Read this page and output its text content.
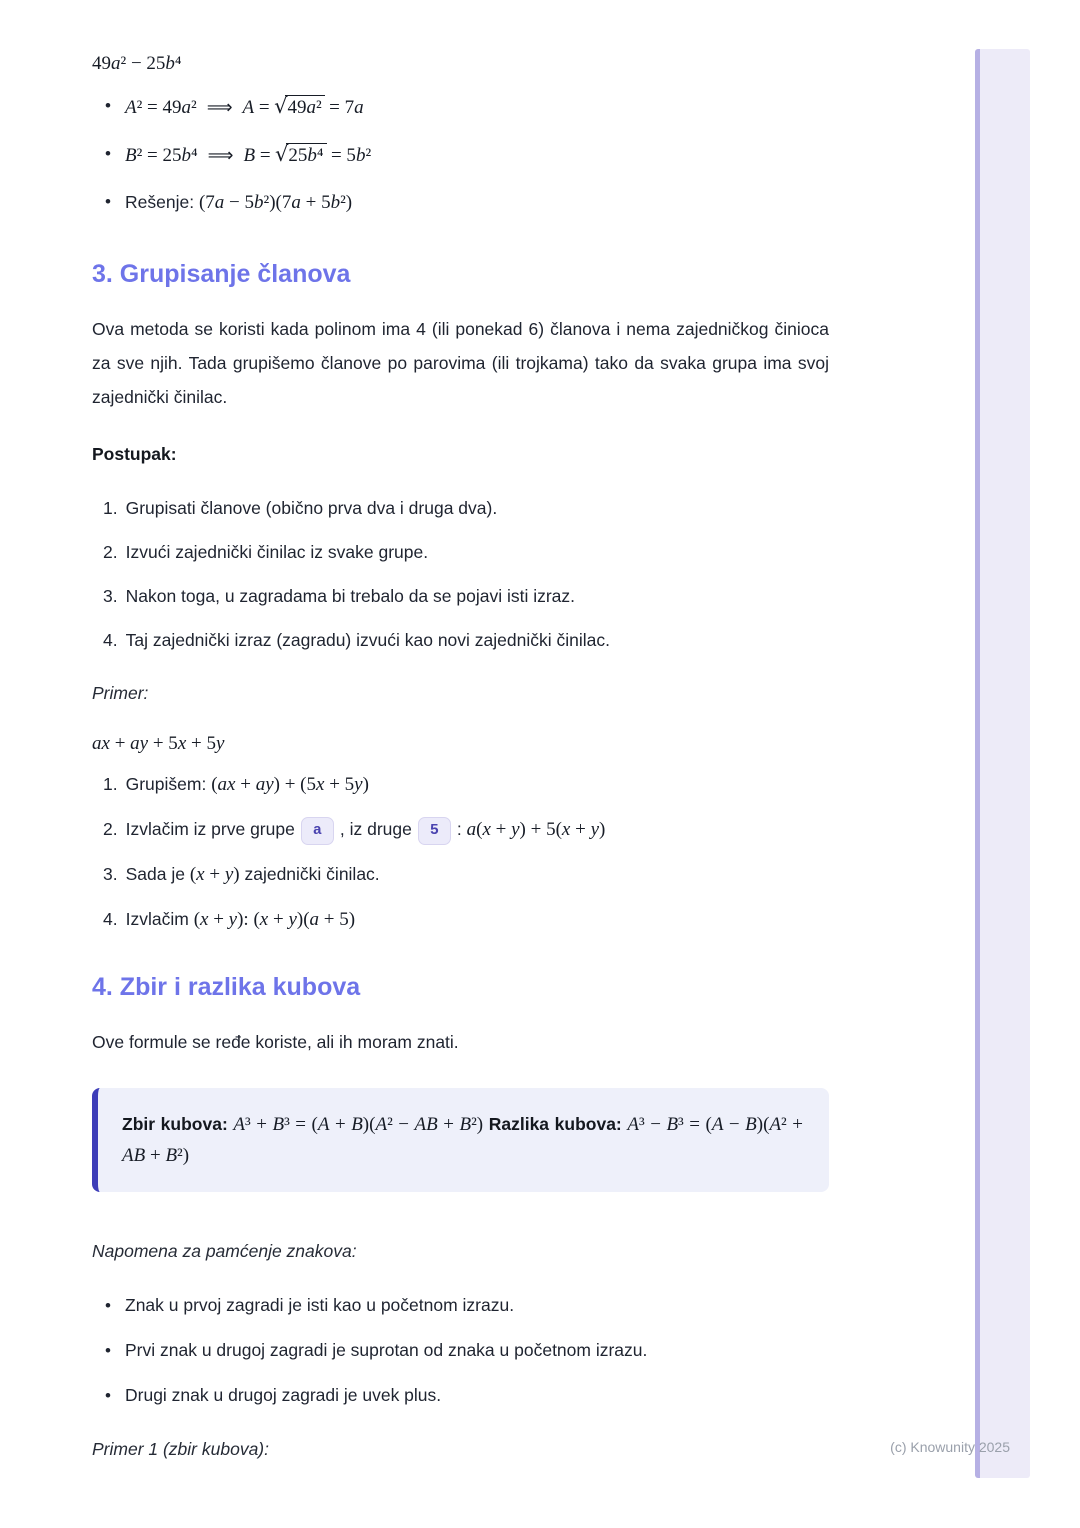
49a² − 25b⁴
• A² = 49a² ⟹ A = √49a² = 7a
• B² = 25b⁴ ⟹ B = √25b⁴ = 5b²
• Rešenje: (7a − 5b²)(7a + 5b²)
3. Grupisanje članova

Ova metoda se koristi kada polinom ima 4 (ili ponekad 6) članova i nema zajedničkog činioca za sve njih. Tada grupišemo članove po parovima (ili trojkama) tako da svaka grupa ima svoj zajednički činilac.

Postupak:

1. Grupisati članove (obično prva dva i druga dva).
2. Izvući zajednički činilac iz svake grupe.
3. Nakon toga, u zagradama bi trebalo da se pojavi isti izraz.
4. Taj zajednički izraz (zagradu) izvući kao novi zajednički činilac.

Primer:

ax + ay + 5x + 5y
1. Grupišem: (ax + ay) + (5x + 5y)
2. Izvlačim iz prve grupe a , iz druge 5 : a(x + y) + 5(x + y)
3. Sada je (x + y) zajednički činilac.
4. Izvlačim (x + y): (x + y)(a + 5)
4. Zbir i razlika kubova

Ove formule se ređe koriste, ali ih moram znati.

Zbir kubova: A³ + B³ = (A + B)(A² − AB + B²) Razlika kubova: A³ − B³ = (A − B)(A² + AB + B²)

Napomena za pamćenje znakova:

• Znak u prvoj zagradi je isti kao u početnom izrazu.
• Prvi znak u drugoj zagradi je suprotan od znaka u početnom izrazu.
• Drugi znak u drugoj zagradi je uvek plus.

Primer 1 (zbir kubova):	(c) Knowunity 2025
